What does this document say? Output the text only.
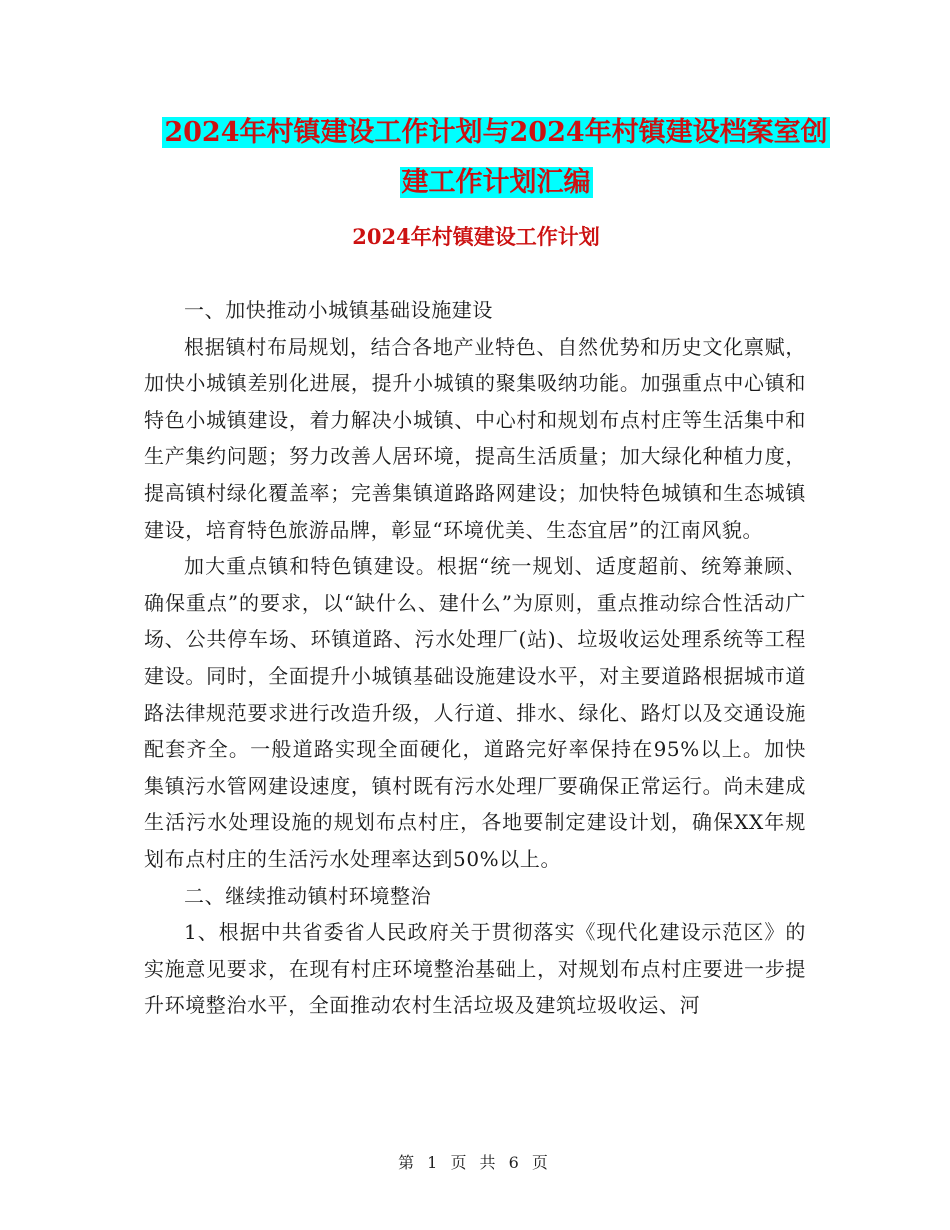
2024年村镇建设工作计划与2024年村镇建设档案室创
建工作计划汇编
2024年村镇建设工作计划

一、加快推动小城镇基础设施建设

根据镇村布局规划，结合各地产业特色、自然优势和历史文化禀赋，加快小城镇差别化进展，提升小城镇的聚集吸纳功能。加强重点中心镇和特色小城镇建设，着力解决小城镇、中心村和规划布点村庄等生活集中和生产集约问题；努力改善人居环境，提高生活质量；加大绿化种植力度，提高镇村绿化覆盖率；完善集镇道路路网建设；加快特色城镇和生态城镇建设，培育特色旅游品牌，彰显“环境优美、生态宜居”的江南风貌。

加大重点镇和特色镇建设。根据“统一规划、适度超前、统筹兼顾、确保重点”的要求，以“缺什么、建什么”为原则，重点推动综合性活动广场、公共停车场、环镇道路、污水处理厂(站)、垃圾收运处理系统等工程建设。同时，全面提升小城镇基础设施建设水平，对主要道路根据城市道路法律规范要求进行改造升级，人行道、排水、绿化、路灯以及交通设施配套齐全。一般道路实现全面硬化，道路完好率保持在95%以上。加快集镇污水管网建设速度，镇村既有污水处理厂要确保正常运行。尚未建成生活污水处理设施的规划布点村庄，各地要制定建设计划，确保XX年规划布点村庄的生活污水处理率达到50%以上。

二、继续推动镇村环境整治

1、根据中共省委省人民政府关于贯彻落实《现代化建设示范区》的实施意见要求，在现有村庄环境整治基础上，对规划布点村庄要进一步提升环境整治水平，全面推动农村生活垃圾及建筑垃圾收运、河

第 1 页 共 6 页
